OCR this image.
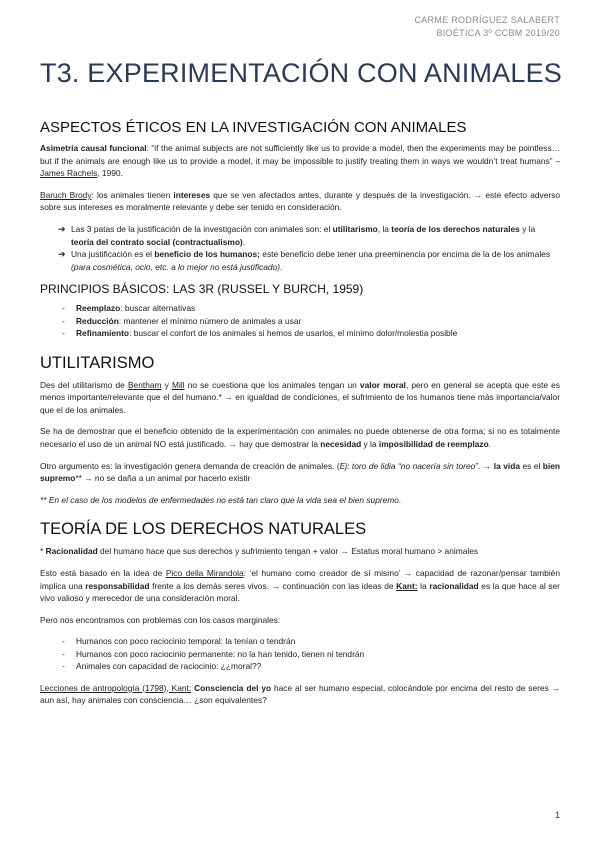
CARME RODRÍGUEZ SALABERT
BIOÉTICA 3º CCBM 2019/20
T3. EXPERIMENTACIÓN CON ANIMALES
ASPECTOS ÉTICOS EN LA INVESTIGACIÓN CON ANIMALES

Asimetría causal funcional: “if the animal subjects are not sufficiently like us to provide a model, then the experiments may be pointless… but if the animals are enough like us to provide a model, it may be impossible to justify treating them in ways we wouldn’t treat humans” – James Rachels, 1990.

Baruch Brody: los animales tienen intereses que se ven afectados antes, durante y después de la investigación. → este efecto adverso sobre sus intereses es moralmente relevante y debe ser tenido en consideración.

➔ Las 3 patas de la justificación de la investigación con animales son: el utilitarismo, la teoría de los derechos naturales y la teoría del contrato social (contractualismo).
➔ Una justificación es el beneficio de los humanos; este beneficio debe tener una preeminencia por encima de la de los animales (para cosmética, ocio, etc. a lo mejor no está justificado).
PRINCIPIOS BÁSICOS: LAS 3R (RUSSEL Y BURCH, 1959)
- Reemplazo: buscar alternativas
- Reducción: mantener el mínimo número de animales a usar
- Refinamiento: buscar el confort de los animales si hemos de usarlos, el mínimo dolor/molestia posible
UTILITARISMO

Des del utilitarismo de Bentham y Mill no se cuestiona que los animales tengan un valor moral, pero en general se acepta que este es menos importante/relevante que el del humano.* → en igualdad de condiciones, el sufrimiento de los humanos tiene más importancia/valor que el de los animales.

Se ha de demostrar que el beneficio obtenido de la experimentación con animales no puede obtenerse de otra forma; si no es totalmente necesario el uso de un animal NO está justificado. → hay que demostrar la necesidad y la imposibilidad de reemplazo.

Otro argumento es: la investigación genera demanda de creación de animales. (Ej: toro de lidia “no nacería sin toreo”. → la vida es el bien supremo** → no se daña a un animal por hacerlo existir

** En el caso de los modelos de enfermedades no está tan claro que la vida sea el bien supremo.

TEORÍA DE LOS DERECHOS NATURALES

* Racionalidad del humano hace que sus derechos y sufrimiento tengan + valor → Estatus moral humano > animales

Esto está basado en la idea de Pico della Mirandola: ‘el humano como creador de sí mismo’ → capacidad de razonar/pensar también implica una responsabilidad frente a los demás seres vivos. → continuación con las ideas de Kant: la racionalidad es la que hace al ser vivo valioso y merecedor de una consideración moral.

Pero nos encontramos con problemas con los casos marginales:

- Humanos con poco raciocinio temporal: la tenían o tendrán
- Humanos con poco raciocinio permanente: no la han tenido, tienen ni tendrán
- Animales con capacidad de raciocinio: ¿¿moral??

Lecciones de antropología (1798), Kant: Consciencia del yo hace al ser humano especial, colocándole por encima del resto de seres → aun así, hay animales con consciencia… ¿son equivalentes?

1
